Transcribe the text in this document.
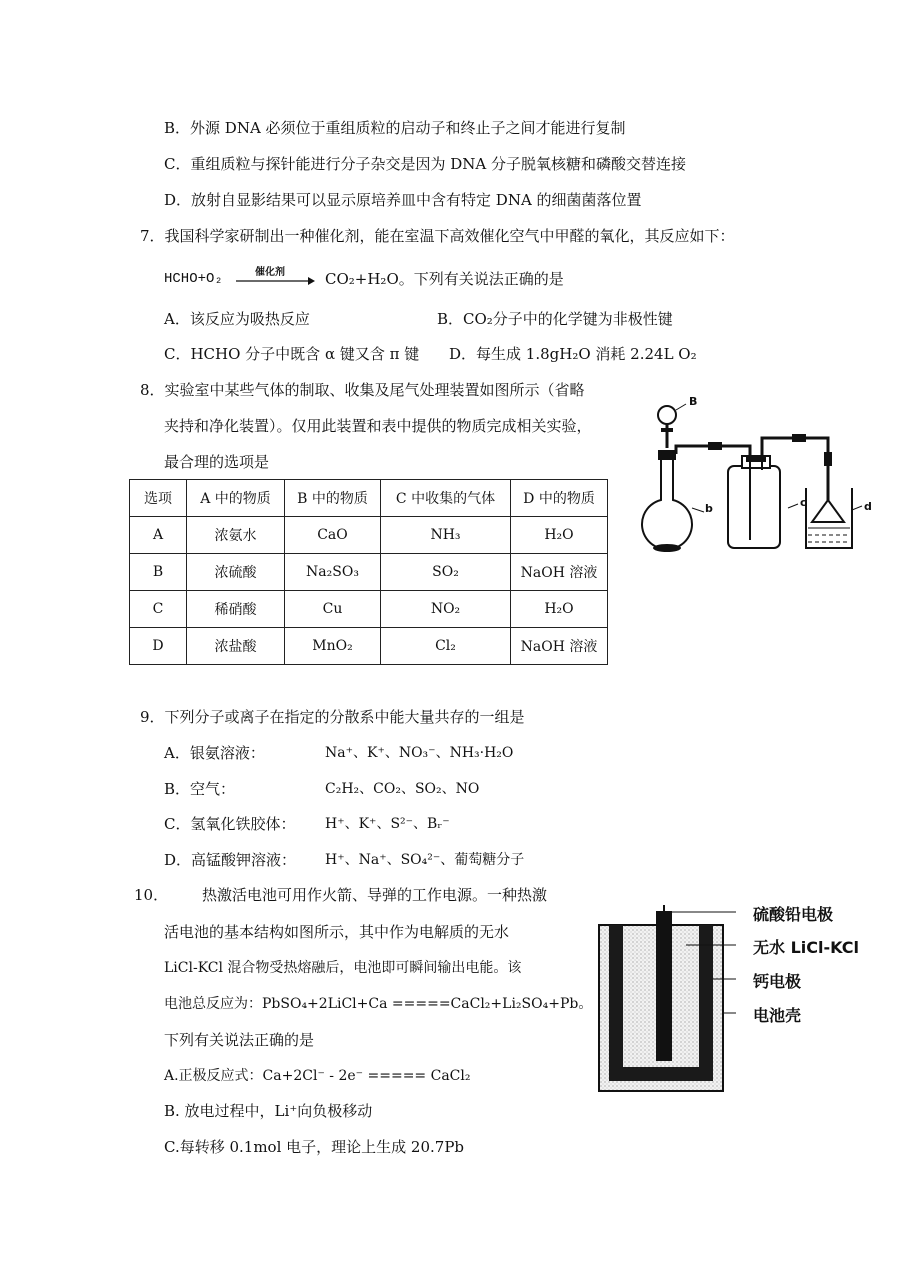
B．外源 DNA 必须位于重组质粒的启动子和终止子之间才能进行复制
C．重组质粒与探针能进行分子杂交是因为 DNA 分子脱氧核糖和磷酸交替连接
D．放射自显影结果可以显示原培养皿中含有特定 DNA 的细菌菌落位置
7．我国科学家研制出一种催化剂，能在室温下高效催化空气中甲醛的氧化，其反应如下：
HCHO+O₂	催化剂	CO₂+H₂O。下列有关说法正确的是
A．该反应为吸热反应	B．CO₂分子中的化学键为非极性键
C．HCHO 分子中既含 α 键又含 π 键 D．每生成 1.8gH₂O 消耗 2.24L O₂
8．实验室中某些气体的制取、收集及尾气处理装置如图所示（省略
夹持和净化装置）。仅用此装置和表中提供的物质完成相关实验，
最合理的选项是
选项	A 中的物质	B 中的物质	C 中收集的气体	D 中的物质
A	浓氨水	CaO	NH₃	H₂O
B	浓硫酸	Na₂SO₃	SO₂	NaOH 溶液
C	稀硝酸	Cu	NO₂	H₂O
D	浓盐酸	MnO₂	Cl₂	NaOH 溶液
B
b	c	d
9．下列分子或离子在指定的分散系中能大量共存的一组是
A．银氨溶液：	Na⁺、K⁺、NO₃⁻、NH₃·H₂O
B．空气：	C₂H₂、CO₂、SO₂、NO
C．氢氧化铁胶体： H⁺、K⁺、S²⁻、Bᵣ⁻
D．高锰酸钾溶液： H⁺、Na⁺、SO₄²⁻、葡萄糖分子
10． 热激活电池可用作火箭、导弹的工作电源。一种热激
活电池的基本结构如图所示，其中作为电解质的无水
LiCl-KCl 混合物受热熔融后，电池即可瞬间输出电能。该
电池总反应为：PbSO₄+2LiCl+Ca =====CaCl₂+Li₂SO₄+Pb。
下列有关说法正确的是
A.正极反应式：Ca+2Cl⁻ - 2e⁻ ===== CaCl₂
B. 放电过程中，Li⁺向负极移动
C.每转移 0.1mol 电子，理论上生成 20.7Pb
硫酸铅电极
无水 LiCl-KCl
钙电极
电池壳
